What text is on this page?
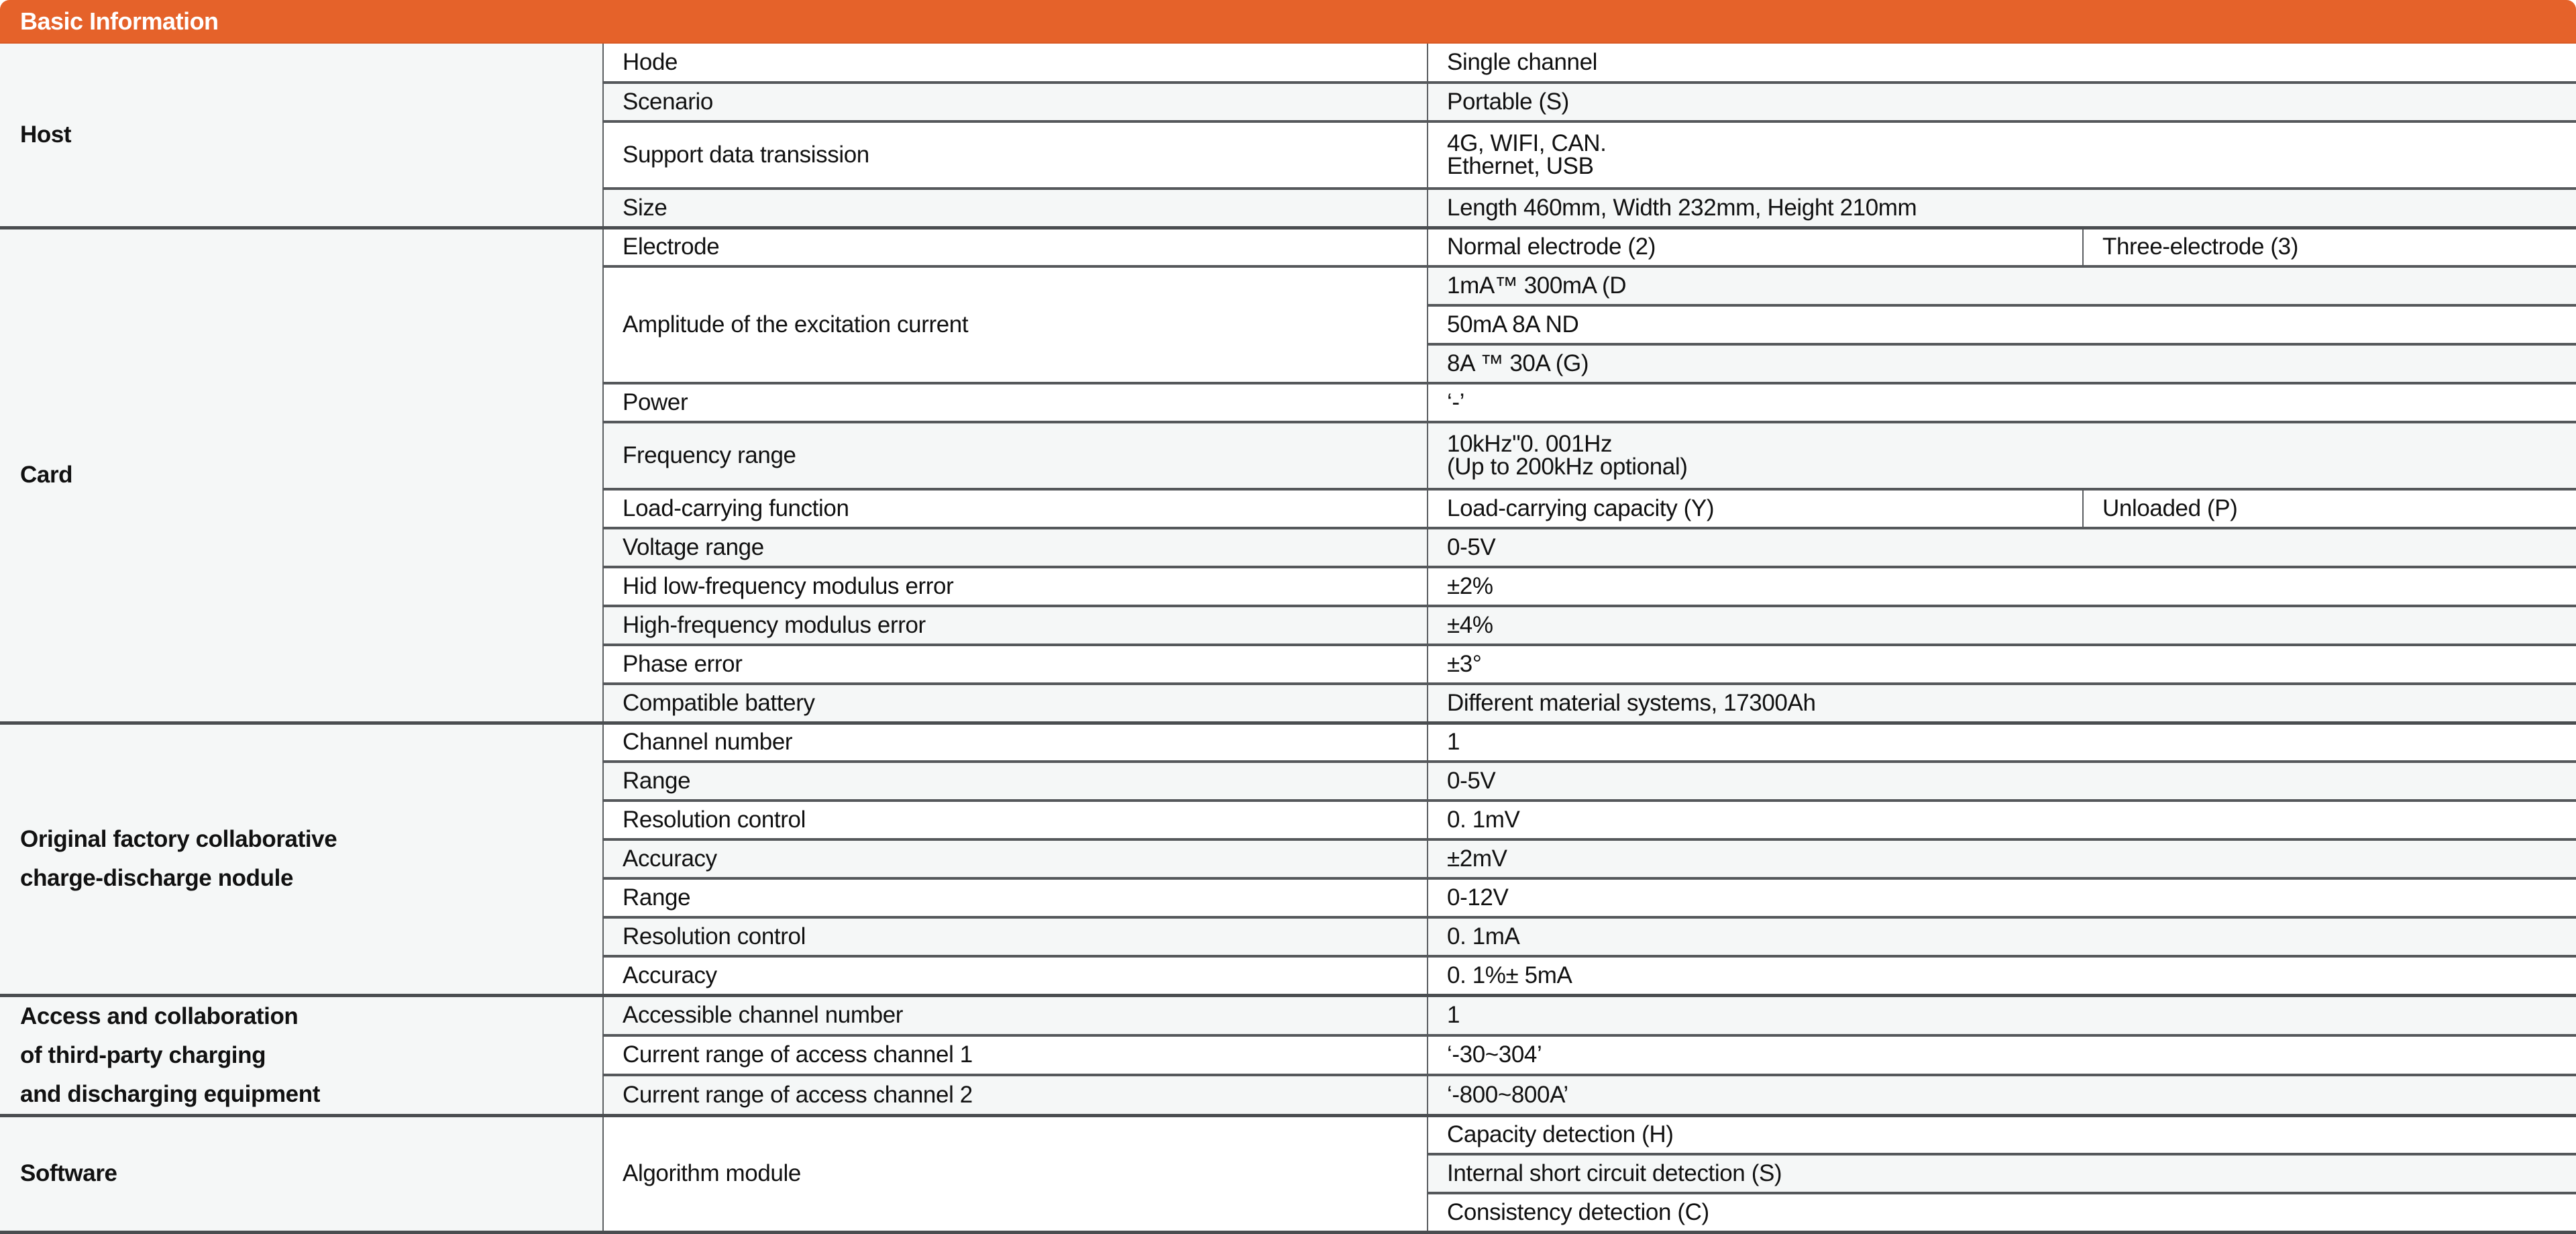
Basic Information
Host	Hode	Single channel	
	Scenario	Portable (S)	
	Support data transission	4G, WIFI, CAN.
Ethernet, USB	
	Size	Length 460mm, Width 232mm, Height 210mm	
Card	Electrode	Normal electrode (2)	Three-electrode (3)
	Amplitude of the excitation current	1mA™ 300mA (D	
		50mA 8A ND	
		8A ™ 30A (G)	
	Power	‘-’	
	Frequency range	10kHz"0. 001Hz
(Up to 200kHz optional)	
	Load-carrying function	Load-carrying capacity (Y)	Unloaded (P)
	Voltage range	0-5V	
	Hid low-frequency modulus error	±2%	
	High-frequency modulus error	±4%	
	Phase error	±3°	
	Compatible battery	Different material systems, 17300Ah	
Original factory collaborative
charge-discharge nodule	Channel number	1	
	Range	0-5V	
	Resolution control	0. 1mV	
	Accuracy	±2mV	
	Range	0-12V	
	Resolution control	0. 1mA	
	Accuracy	0. 1%± 5mA	
Access and collaboration
of third-party charging
and discharging equipment	Accessible channel number	1	
	Current range of access channel 1	‘-30~304’	
	Current range of access channel 2	‘-800~800A’	
Software	Algorithm module	Capacity detection (H)	
		Internal short circuit detection (S)	
		Consistency detection (C)	
